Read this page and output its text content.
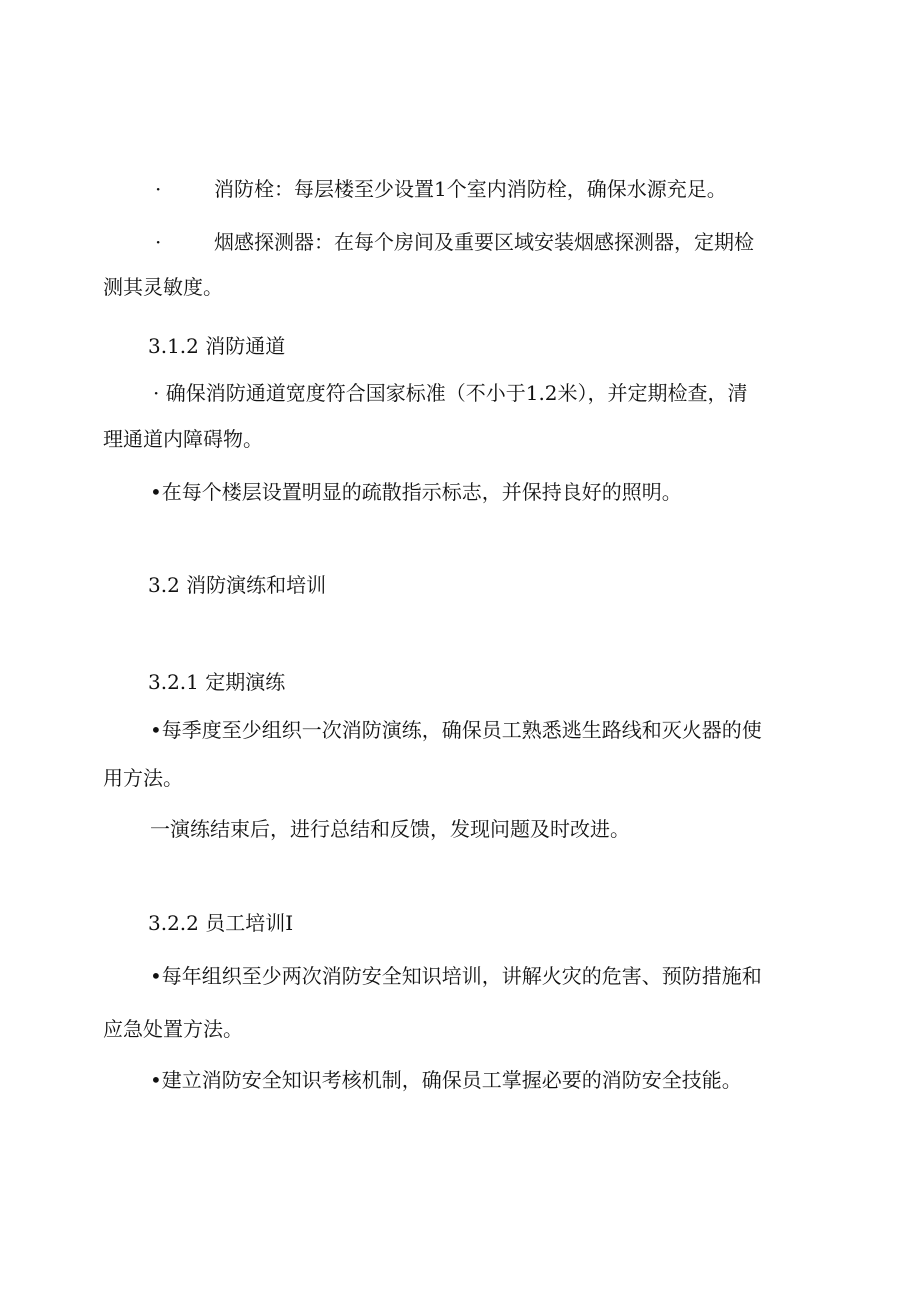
·	消防栓：每层楼至少设置1个室内消防栓，确保水源充足。
·	烟感探测器：在每个房间及重要区域安装烟感探测器，定期检
测其灵敏度。
3.1.2 消防通道
· 确保消防通道宽度符合国家标准（不小于1.2米），并定期检查，清
理通道内障碍物。
•在每个楼层设置明显的疏散指示标志，并保持良好的照明。
3.2 消防演练和培训
3.2.1 定期演练
•每季度至少组织一次消防演练，确保员工熟悉逃生路线和灭火器的使
用方法。
一演练结束后，进行总结和反馈，发现问题及时改进。
3.2.2 员工培训I
•每年组织至少两次消防安全知识培训，讲解火灾的危害、预防措施和
应急处置方法。
•建立消防安全知识考核机制，确保员工掌握必要的消防安全技能。
